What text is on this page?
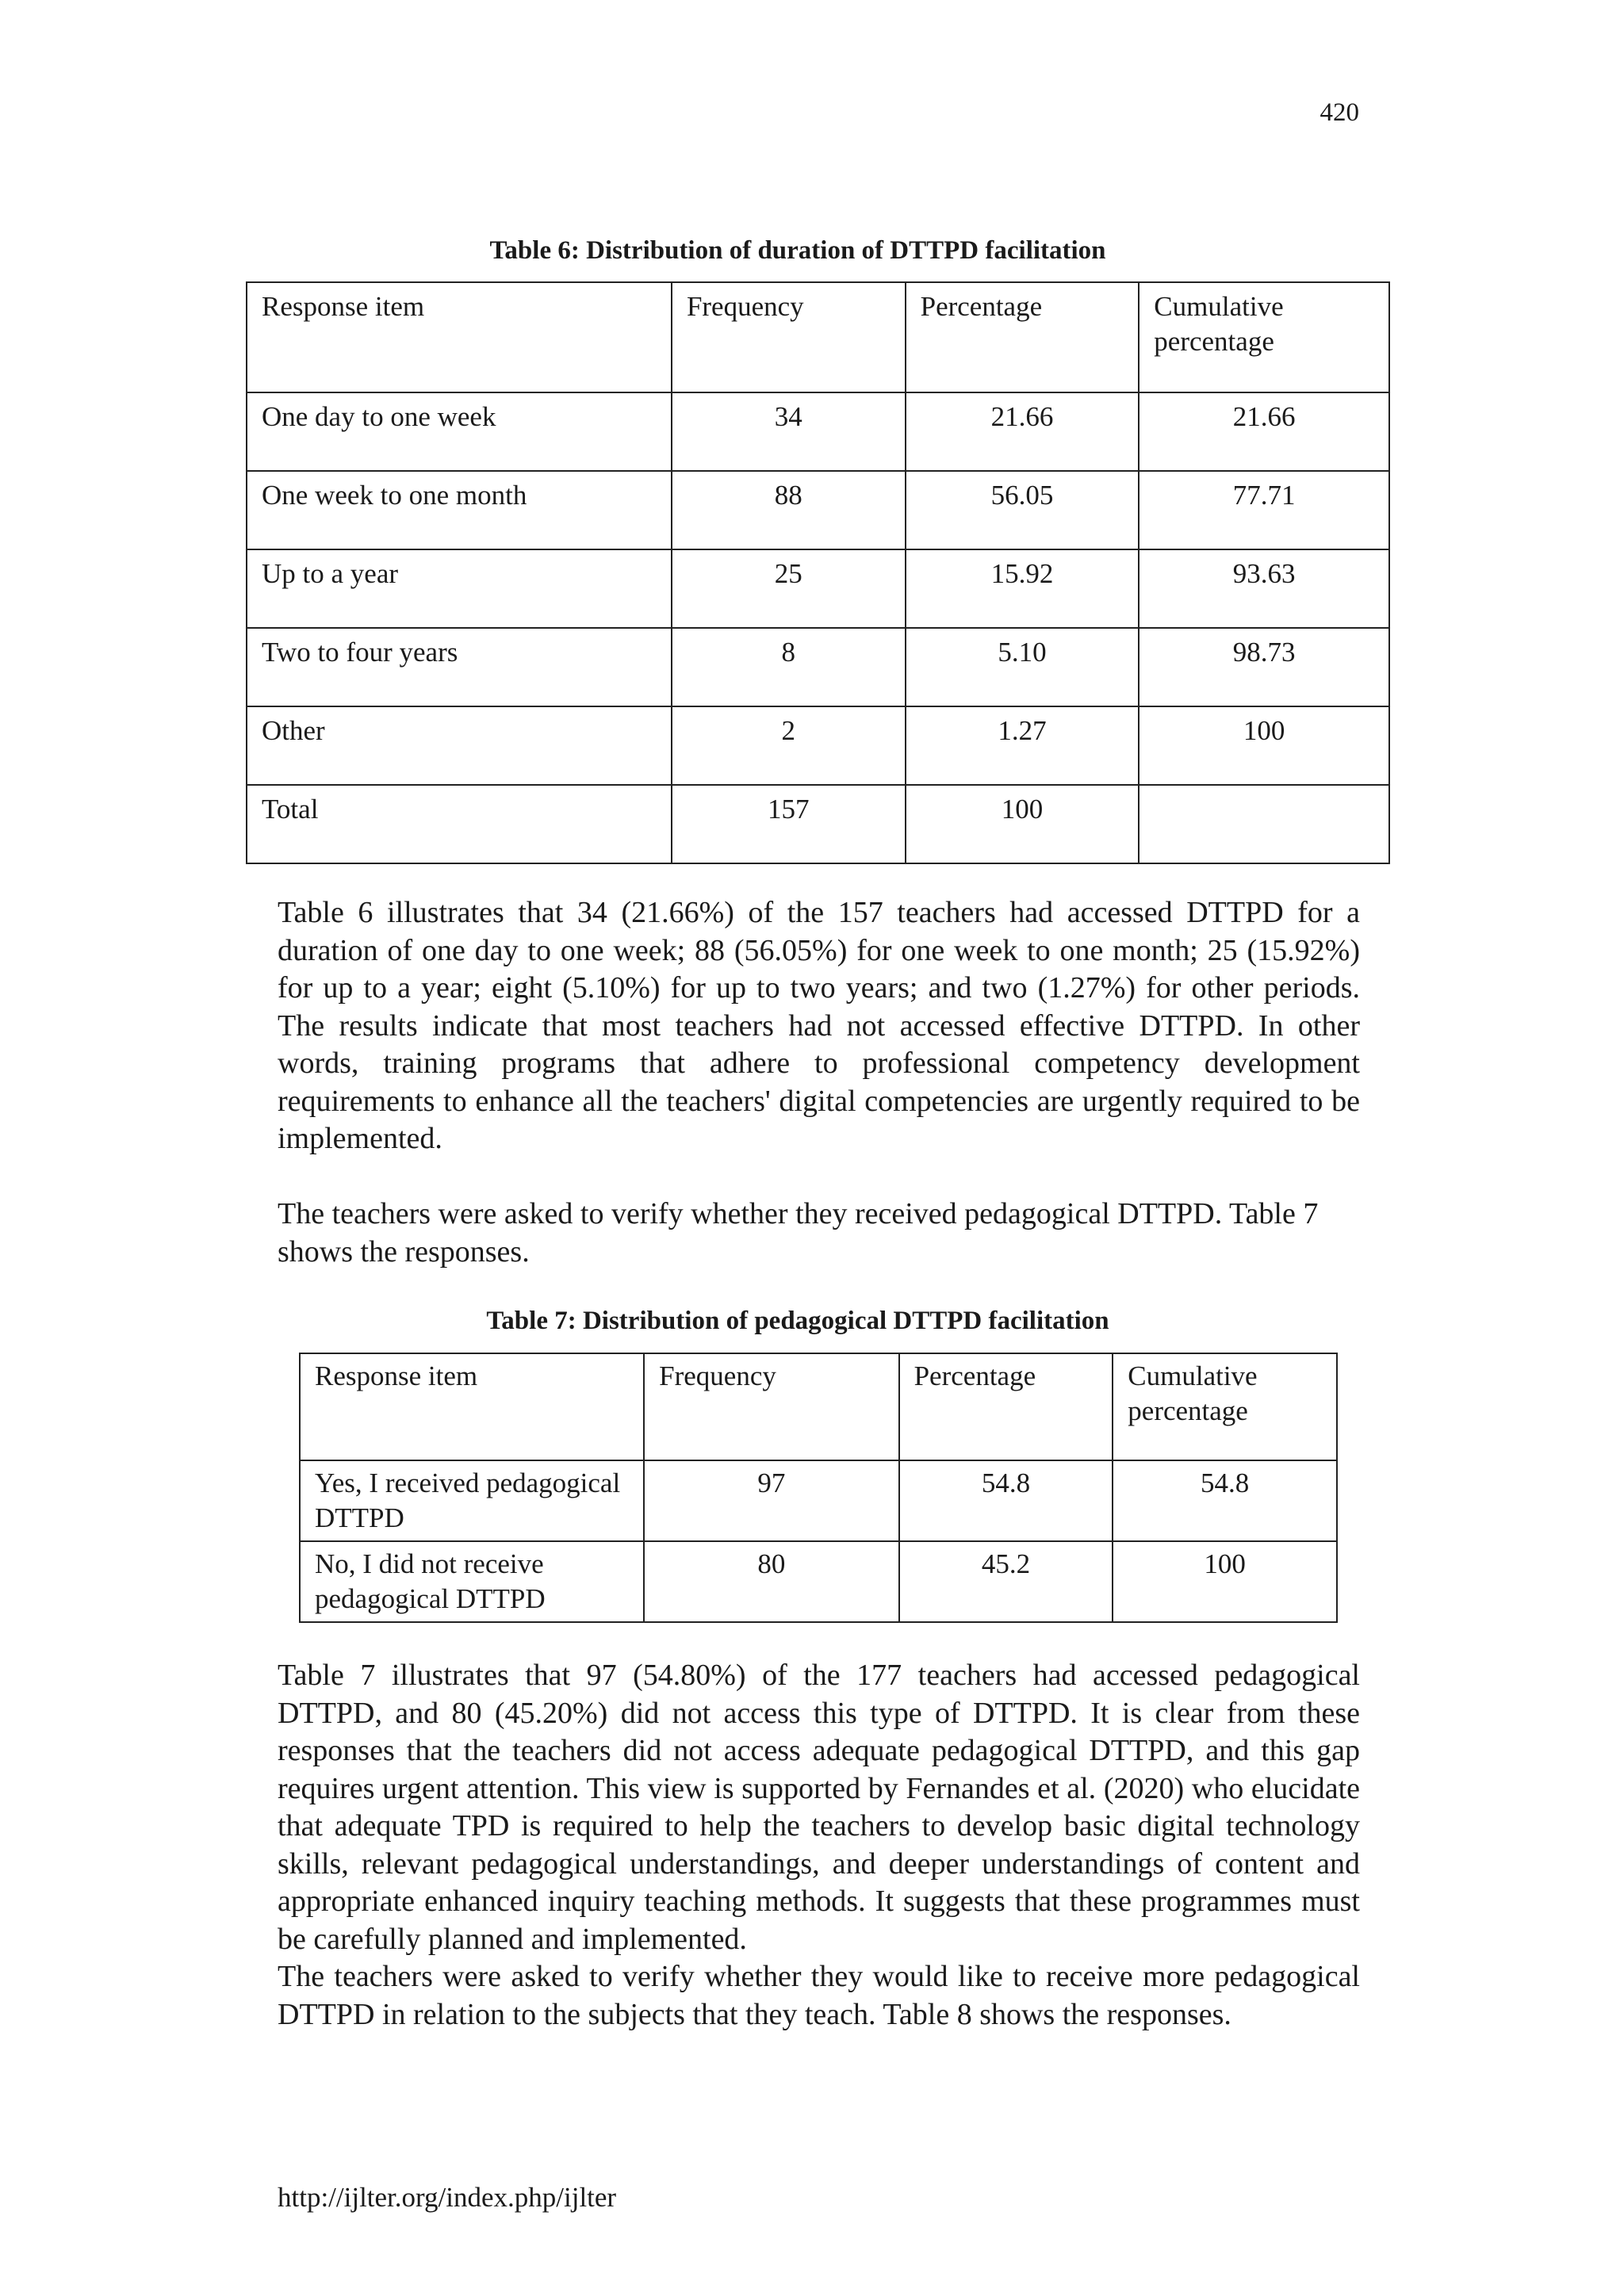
420
Table 6: Distribution of duration of DTTPD facilitation
Response item	Frequency	Percentage	Cumulative percentage
One day to one week	34	21.66	21.66
One week to one month	88	56.05	77.71
Up to a year	25	15.92	93.63
Two to four years	8	5.10	98.73
Other	2	1.27	100
Total	157	100	

Table 6 illustrates that 34 (21.66%) of the 157 teachers had accessed DTTPD for a duration of one day to one week; 88 (56.05%) for one week to one month; 25 (15.92%) for up to a year; eight (5.10%) for up to two years; and two (1.27%) for other periods. The results indicate that most teachers had not accessed effective DTTPD. In other words, training programs that adhere to professional competency development requirements to enhance all the teachers' digital competencies are urgently required to be implemented.

The teachers were asked to verify whether they received pedagogical DTTPD. Table 7 shows the responses.

Table 7: Distribution of pedagogical DTTPD facilitation
Response item	Frequency	Percentage	Cumulative percentage
Yes, I received pedagogical DTTPD	97	54.8	54.8
No, I did not receive pedagogical DTTPD	80	45.2	100

Table 7 illustrates that 97 (54.80%) of the 177 teachers had accessed pedagogical DTTPD, and 80 (45.20%) did not access this type of DTTPD. It is clear from these responses that the teachers did not access adequate pedagogical DTTPD, and this gap requires urgent attention. This view is supported by Fernandes et al. (2020) who elucidate that adequate TPD is required to help the teachers to develop basic digital technology skills, relevant pedagogical understandings, and deeper understandings of content and appropriate enhanced inquiry teaching methods. It suggests that these programmes must be carefully planned and implemented.

The teachers were asked to verify whether they would like to receive more pedagogical DTTPD in relation to the subjects that they teach. Table 8 shows the responses.

http://ijlter.org/index.php/ijlter
